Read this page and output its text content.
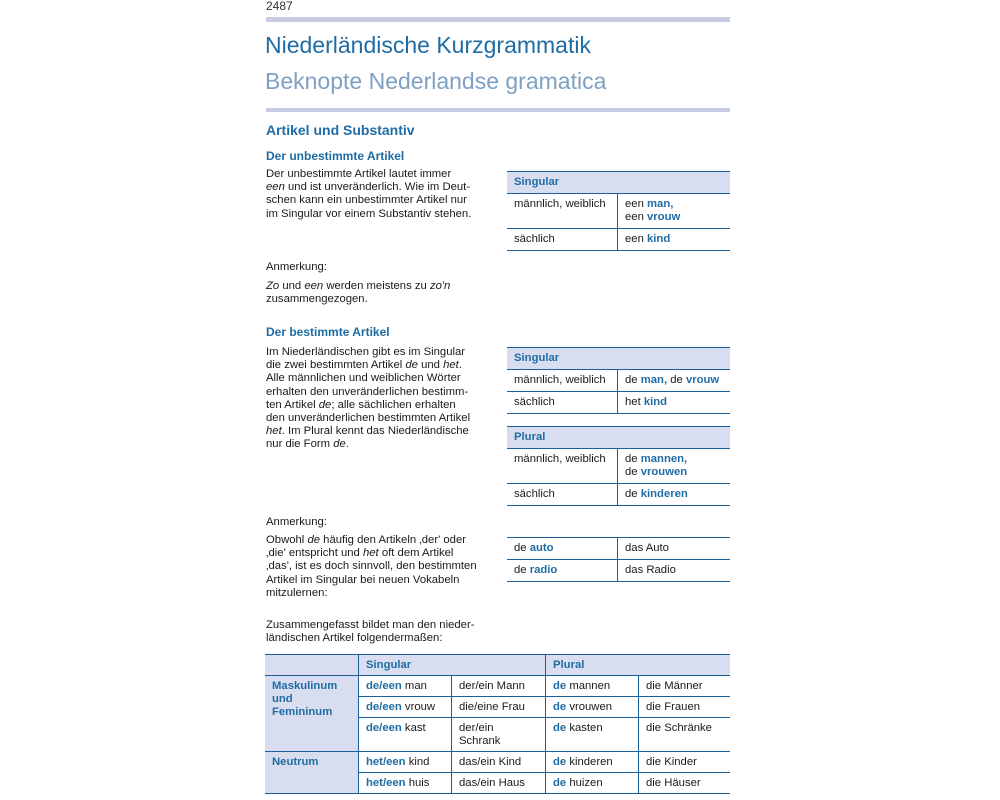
2487
Niederländische Kurzgrammatik
Beknopte Nederlandse gramatica
Artikel und Substantiv
Der unbestimmte Artikel

Der unbestimmte Artikel lautet immer

een und ist unveränderlich. Wie im Deut-

schen kann ein unbestimmter Artikel nur

im Singular vor einem Substantiv stehen.

Singular	
männlich, weiblich	een man,
een vrouw

sächlich	een kind
Anmerkung:

Zo und een werden meistens zu zo'n

zusammengezogen.

Der bestimmte Artikel

Im Niederländischen gibt es im Singular

die zwei bestimmten Artikel de und het.

Alle männlichen und weiblichen Wörter

erhalten den unveränderlichen bestimm-

ten Artikel de; alle sächlichen erhalten

den unveränderlichen bestimmten Artikel

het. Im Plural kennt das Niederländische

nur die Form de.

Singular	
männlich, weiblich	de man, de vrouw

sächlich	het kind
Plural	
männlich, weiblich	de mannen,
de vrouwen

sächlich	de kinderen
Anmerkung:

Obwohl de häufig den Artikeln ‚der' oder

‚die' entspricht und het oft dem Artikel

‚das', ist es doch sinnvoll, den bestimmten

Artikel im Singular bei neuen Vokabeln

mitzulernen:

de auto	das Auto

de radio	das Radio

Zusammengefasst bildet man den nieder-

ländischen Artikel folgendermaßen:

	Singular		Plural	

Maskulinum
und
Femininum	de/een man	der/ein Mann	de mannen	die Männer
	de/een vrouw	die/eine Frau	de vrouwen	die Frauen
	de/een kast	der/ein
Schrank	de kasten	die Schränke

Neutrum	het/een kind	das/ein Kind	de kinderen	die Kinder
	het/een huis	das/ein Haus	de huizen	die Häuser
